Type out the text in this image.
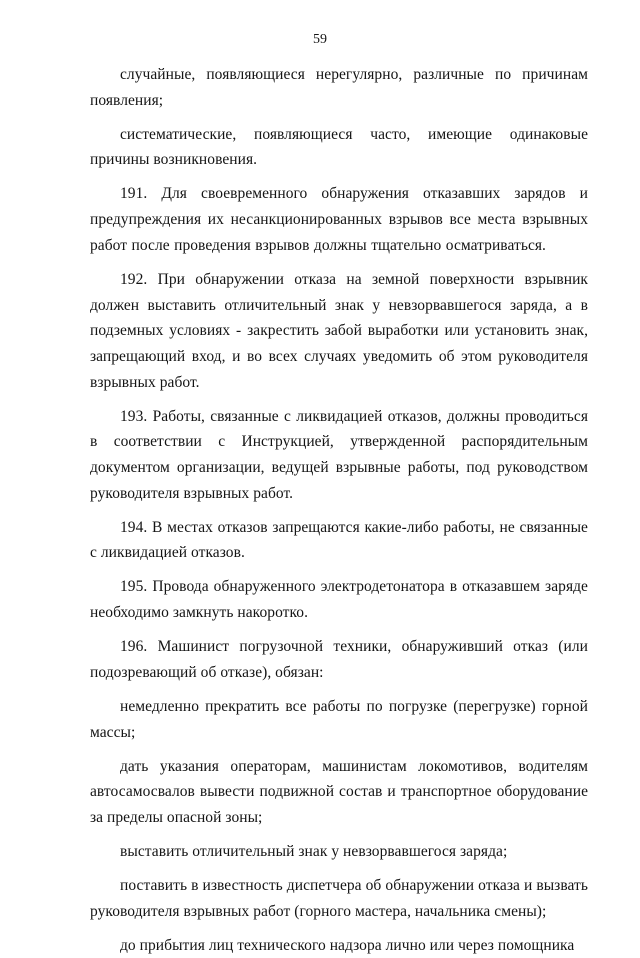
59

случайные, появляющиеся нерегулярно, различные по причинам появления;

систематические, появляющиеся часто, имеющие одинаковые причины возникновения.

191. Для своевременного обнаружения отказавших зарядов и предупреждения их несанкционированных взрывов все места взрывных работ после проведения взрывов должны тщательно осматриваться.

192. При обнаружении отказа на земной поверхности взрывник должен выставить отличительный знак у невзорвавшегося заряда, а в подземных условиях - закрестить забой выработки или установить знак, запрещающий вход, и во всех случаях уведомить об этом руководителя взрывных работ.

193. Работы, связанные с ликвидацией отказов, должны проводиться в соответствии с Инструкцией, утвержденной распорядительным документом организации, ведущей взрывные работы, под руководством руководителя взрывных работ.

194. В местах отказов запрещаются какие-либо работы, не связанные с ликвидацией отказов.

195. Провода обнаруженного электродетонатора в отказавшем заряде необходимо замкнуть накоротко.

196. Машинист погрузочной техники, обнаруживший отказ (или подозревающий об отказе), обязан:

немедленно прекратить все работы по погрузке (перегрузке) горной массы;

дать указания операторам, машинистам локомотивов, водителям автосамосвалов вывести подвижной состав и транспортное оборудование за пределы опасной зоны;

выставить отличительный знак у невзорвавшегося заряда;

поставить в известность диспетчера об обнаружении отказа и вызвать руководителя взрывных работ (горного мастера, начальника смены);

до прибытия лиц технического надзора лично или через помощника
